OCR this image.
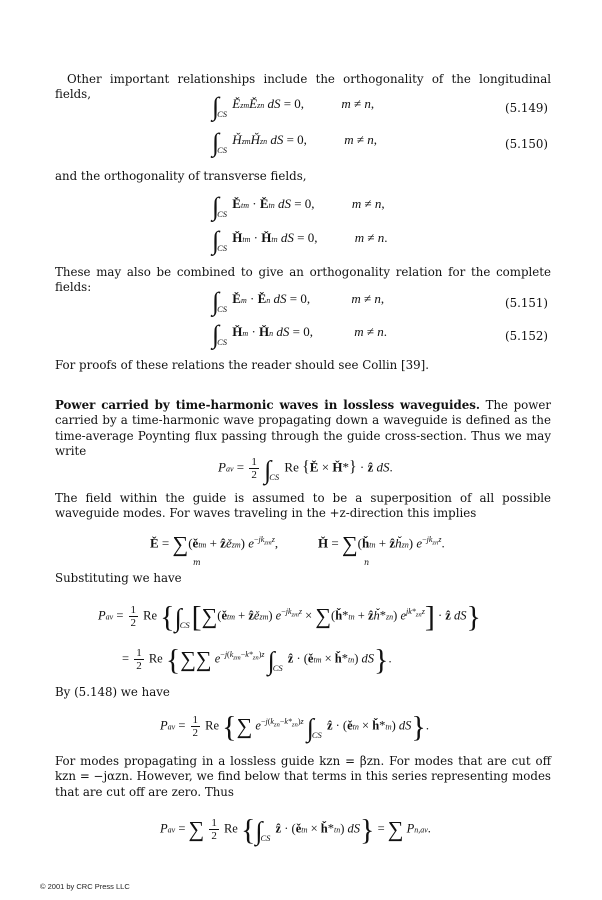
Other important relationships include the orthogonality of the longitudinal fields,	$\int_{CS}$ ĚzmĚzn dS = 0,	m ≠ n,	(5.149)
$\int_{CS}$ ȞzmȞzn dS = 0,	m ≠ n,	(5.150)

and the orthogonality of transverse fields,

$\int_{CS}$ Ětm · Ětn dS = 0,	m ≠ n,
$\int_{CS}$ Ȟtm · Ȟtn dS = 0,	m ≠ n.

These may also be combined to give an orthogonality relation for the complete fields:	$\int_{CS}$ Ěm · Ěn dS = 0,	m ≠ n,	(5.151)
$\int_{CS}$ Ȟm · Ȟn dS = 0,	m ≠ n.	(5.152)

For proofs of these relations the reader should see Collin [39].

Power carried by time-harmonic waves in lossless waveguides. The power carried by a time-harmonic wave propagating down a waveguide is defined as the time-average Poynting flux passing through the guide cross-section. Thus we may write

Pav = $\frac{1}{2} \int_{CS}$ Re {Ě × Ȟ*} · ẑ dS.

The field within the guide is assumed to be a superposition of all possible waveguide modes. For waves traveling in the +z-direction this implies

Ě = ∑(ětm + ẑězm) $e^{-jk_{zm}z}$,
m
Ȟ = ∑(ȟtn + ẑȟzn) $e^{-jk_{zn}z}$.
n

Substituting we have

Pav = $\frac{1}{2}$ Re {$\int_{CS}[\sum(ětm$ + ẑězm) $e^{-jk_{zm}z}$ × ∑(ȟ*tn + ẑȟ*zn) $e^{jk*_{zn}z}$] · ẑ dS}
= $\frac{1}{2}$ Re {∑∑ $e^{-j(k_{zm}-k*_{zn})z}$ $\int_{CS}$ ẑ · (ětm × ȟ*tn) dS}.

By (5.148) we have

Pav = $\frac{1}{2}$ Re {∑ $e^{-j(k_{zn}-k*_{zn})z}$ $\int_{CS}$ ẑ · (ětn × ȟ*tn) dS}.

For modes propagating in a lossless guide kzn = βzn. For modes that are cut off kzn = −jαzn. However, we find below that terms in this series representing modes that are cut off are zero. Thus

Pav = ∑ $\frac{1}{2}$ Re {$\int_{CS}$ ẑ · (ětn × ȟ*tn) dS} = ∑ Pn,av.
© 2001 by CRC Press LLC
